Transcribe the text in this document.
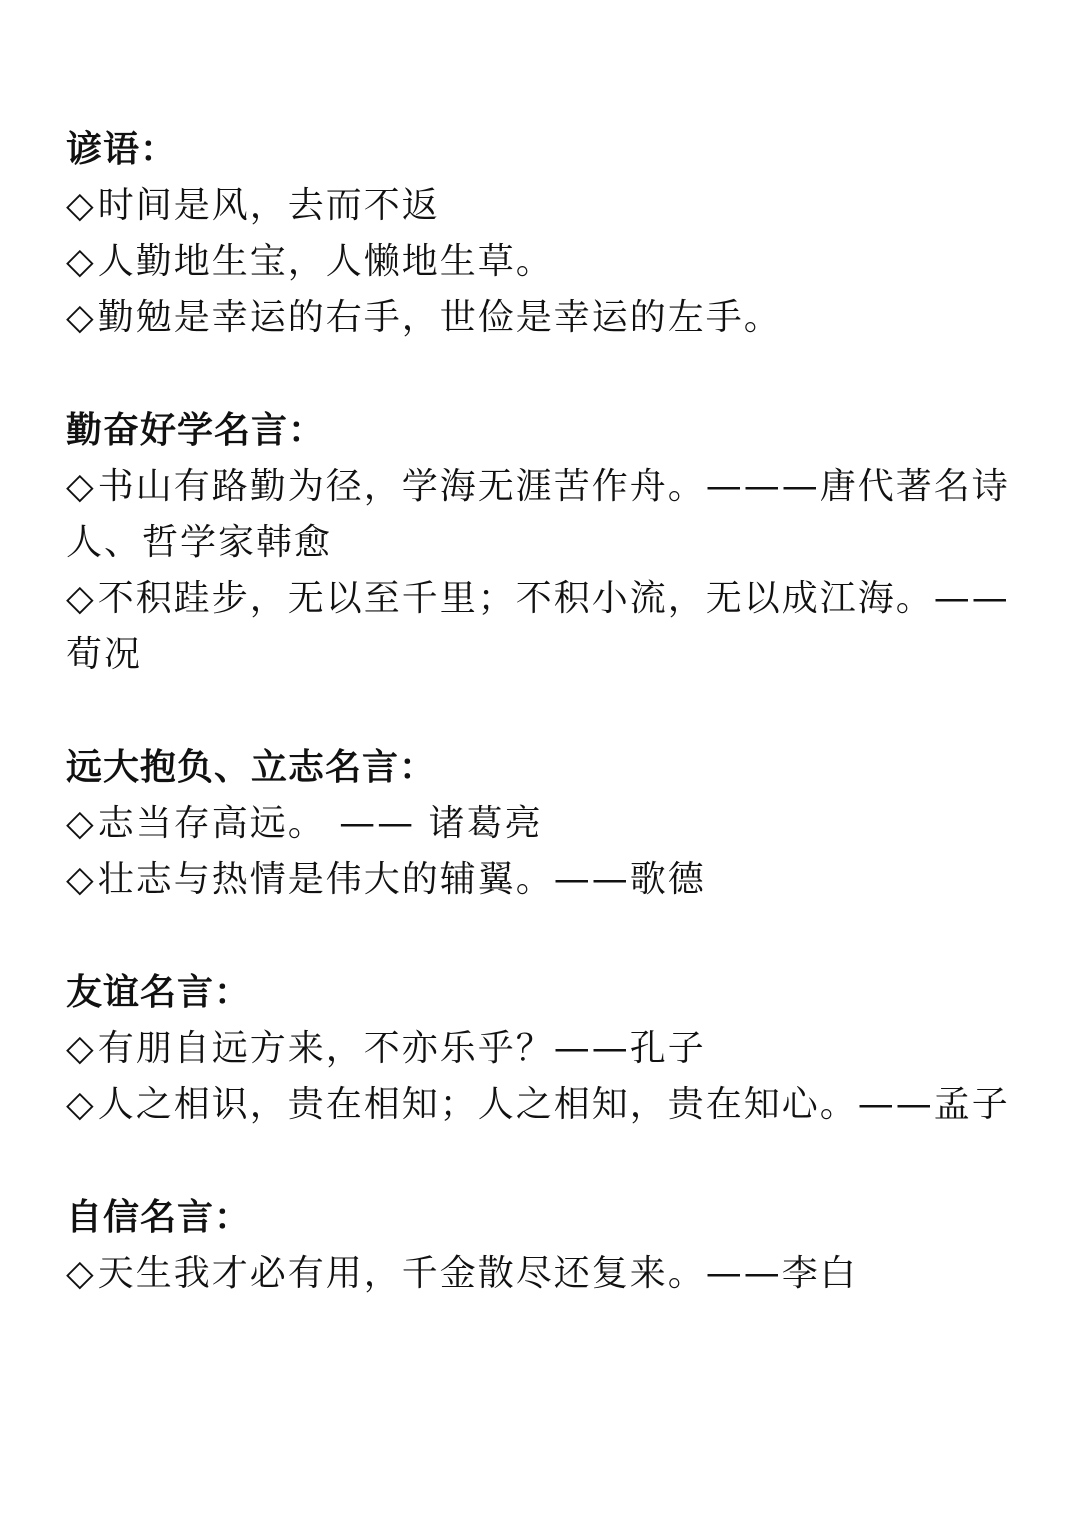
谚语：
◇时间是风，去而不返
◇人勤地生宝，人懒地生草。
◇勤勉是幸运的右手，世俭是幸运的左手。
勤奋好学名言：
◇书山有路勤为径，学海无涯苦作舟。———唐代著名诗人、哲学家韩愈
◇不积跬步，无以至千里；不积小流，无以成江海。——荀况
远大抱负、立志名言：
◇志当存高远。 —— 诸葛亮
◇壮志与热情是伟大的辅翼。——歌德
友谊名言：
◇有朋自远方来，不亦乐乎？——孔子
◇人之相识，贵在相知；人之相知，贵在知心。——孟子
自信名言：
◇天生我才必有用，千金散尽还复来。——李白
